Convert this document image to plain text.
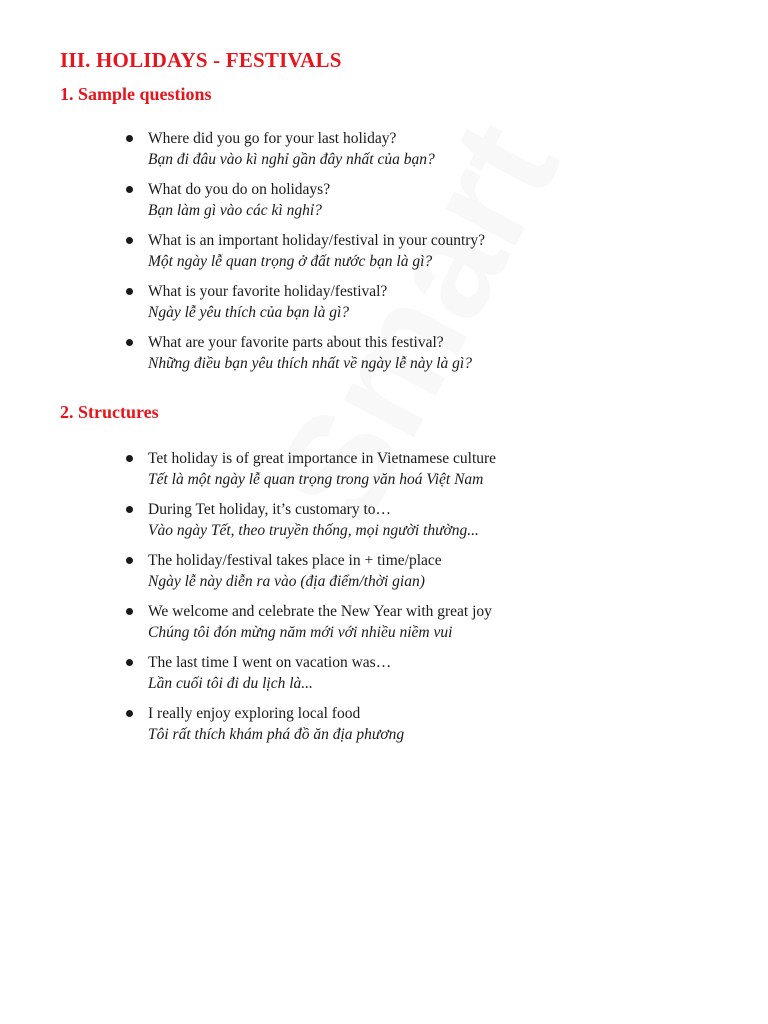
III. HOLIDAYS - FESTIVALS
1. Sample questions
Where did you go for your last holiday?
Bạn đi đâu vào kì nghỉ gần đây nhất của bạn?
What do you do on holidays?
Bạn làm gì vào các kì nghỉ?
What is an important holiday/festival in your country?
Một ngày lễ quan trọng ở đất nước bạn là gì?
What is your favorite holiday/festival?
Ngày lễ yêu thích của bạn là gì?
What are your favorite parts about this festival?
Những điều bạn yêu thích nhất về ngày lễ này là gì?
2. Structures
Tet holiday is of great importance in Vietnamese culture
Tết là một ngày lễ quan trọng trong văn hoá Việt Nam
During Tet holiday, it’s customary to…
Vào ngày Tết, theo truyền thống, mọi người thường...
The holiday/festival takes place in + time/place
Ngày lễ này diễn ra vào (địa điểm/thời gian)
We welcome and celebrate the New Year with great joy
Chúng tôi đón mừng năm mới với nhiều niềm vui
The last time I went on vacation was…
Lần cuối tôi đi du lịch là...
I really enjoy exploring local food
Tôi rất thích khám phá đồ ăn địa phương
